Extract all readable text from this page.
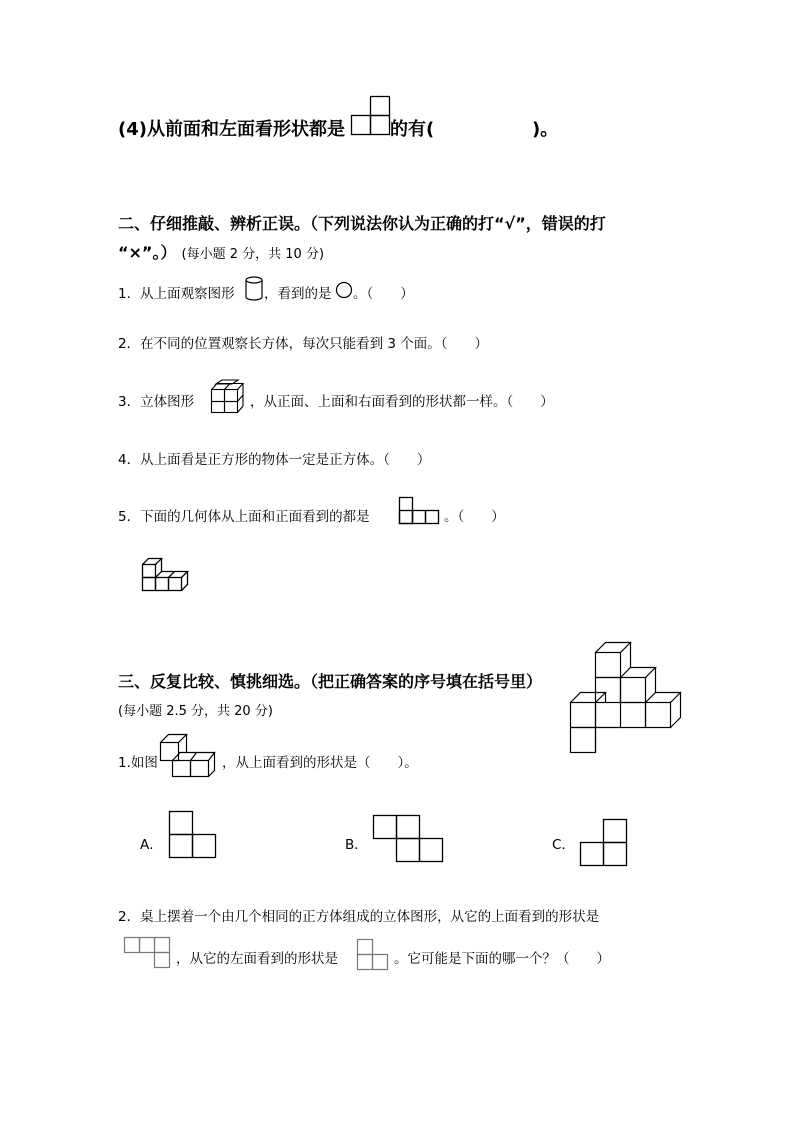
(4)从前面和左面看形状都是	的有(	)。
二、仔细推敲、辨析正误。（下列说法你认为正确的打“√”，错误的打
“×”。） (每小题 2 分，共 10 分)
1．从上面观察图形 ，看到的是 。（　　）
2．在不同的位置观察长方体，每次只能看到 3 个面。（　　）
3．立体图形	，从正面、上面和右面看到的形状都一样。（　　）
4．从上面看是正方形的物体一定是正方体。（　　）
5．下面的几何体从上面和正面看到的都是	。（　　）
三、反复比较、慎挑细选。（把正确答案的序号填在括号里）
(每小题 2.5 分，共 20 分)
1.如图	，从上面看到的形状是（　　）。
A．	B．	C．
2．桌上摆着一个由几个相同的正方体组成的立体图形，从它的上面看到的形状是
，从它的左面看到的形状是	。它可能是下面的哪一个？（　　）
